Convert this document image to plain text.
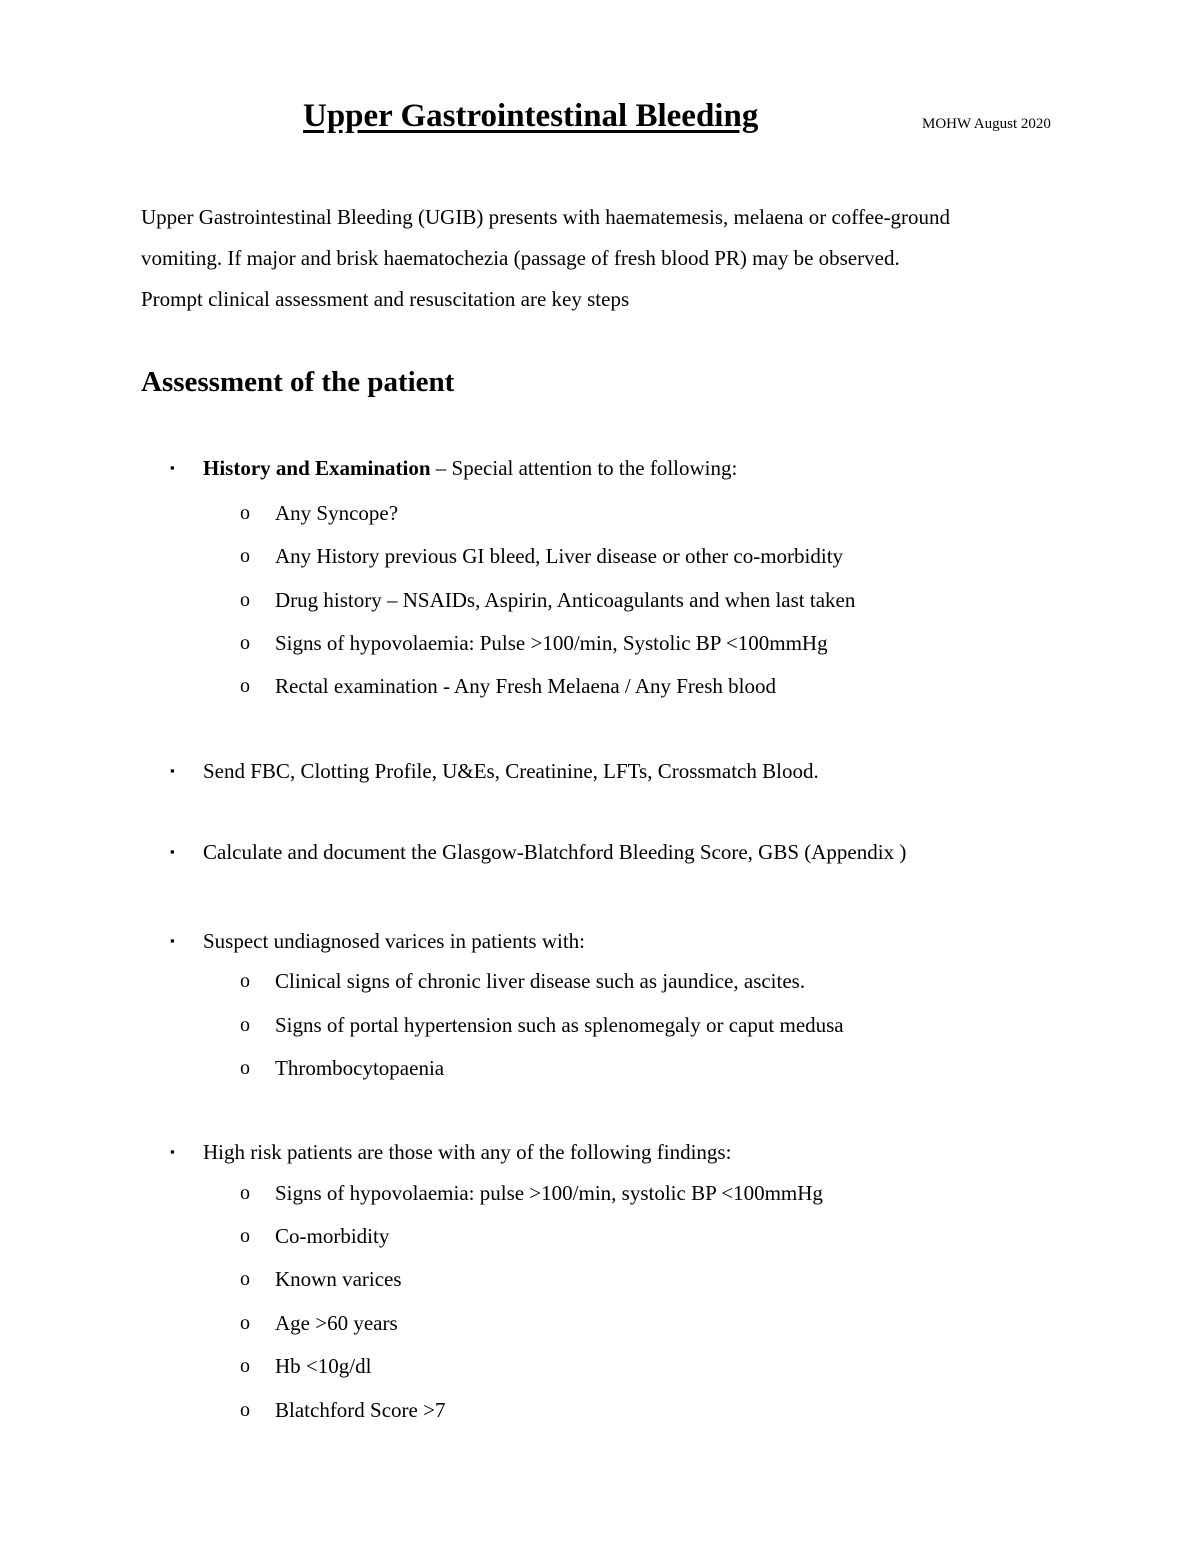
Upper Gastrointestinal Bleeding	MOHW August 2020
Upper Gastrointestinal Bleeding (UGIB) presents with haematemesis, melaena or coffee-ground
vomiting. If major and brisk haematochezia (passage of fresh blood PR) may be observed.
Prompt clinical assessment and resuscitation are key steps
Assessment of the patient
▪ History and Examination – Special attention to the following:
o Any Syncope?
o Any History previous GI bleed, Liver disease or other co-morbidity
o Drug history – NSAIDs, Aspirin, Anticoagulants and when last taken
o Signs of hypovolaemia: Pulse >100/min, Systolic BP <100mmHg
o Rectal examination - Any Fresh Melaena / Any Fresh blood
▪ Send FBC, Clotting Profile, U&Es, Creatinine, LFTs, Crossmatch Blood.
▪ Calculate and document the Glasgow-Blatchford Bleeding Score, GBS (Appendix )
▪ Suspect undiagnosed varices in patients with:
o Clinical signs of chronic liver disease such as jaundice, ascites.
o Signs of portal hypertension such as splenomegaly or caput medusa
o Thrombocytopaenia
▪ High risk patients are those with any of the following findings:
o Signs of hypovolaemia: pulse >100/min, systolic BP <100mmHg
o Co-morbidity
o Known varices
o Age >60 years
o Hb <10g/dl
o Blatchford Score >7
